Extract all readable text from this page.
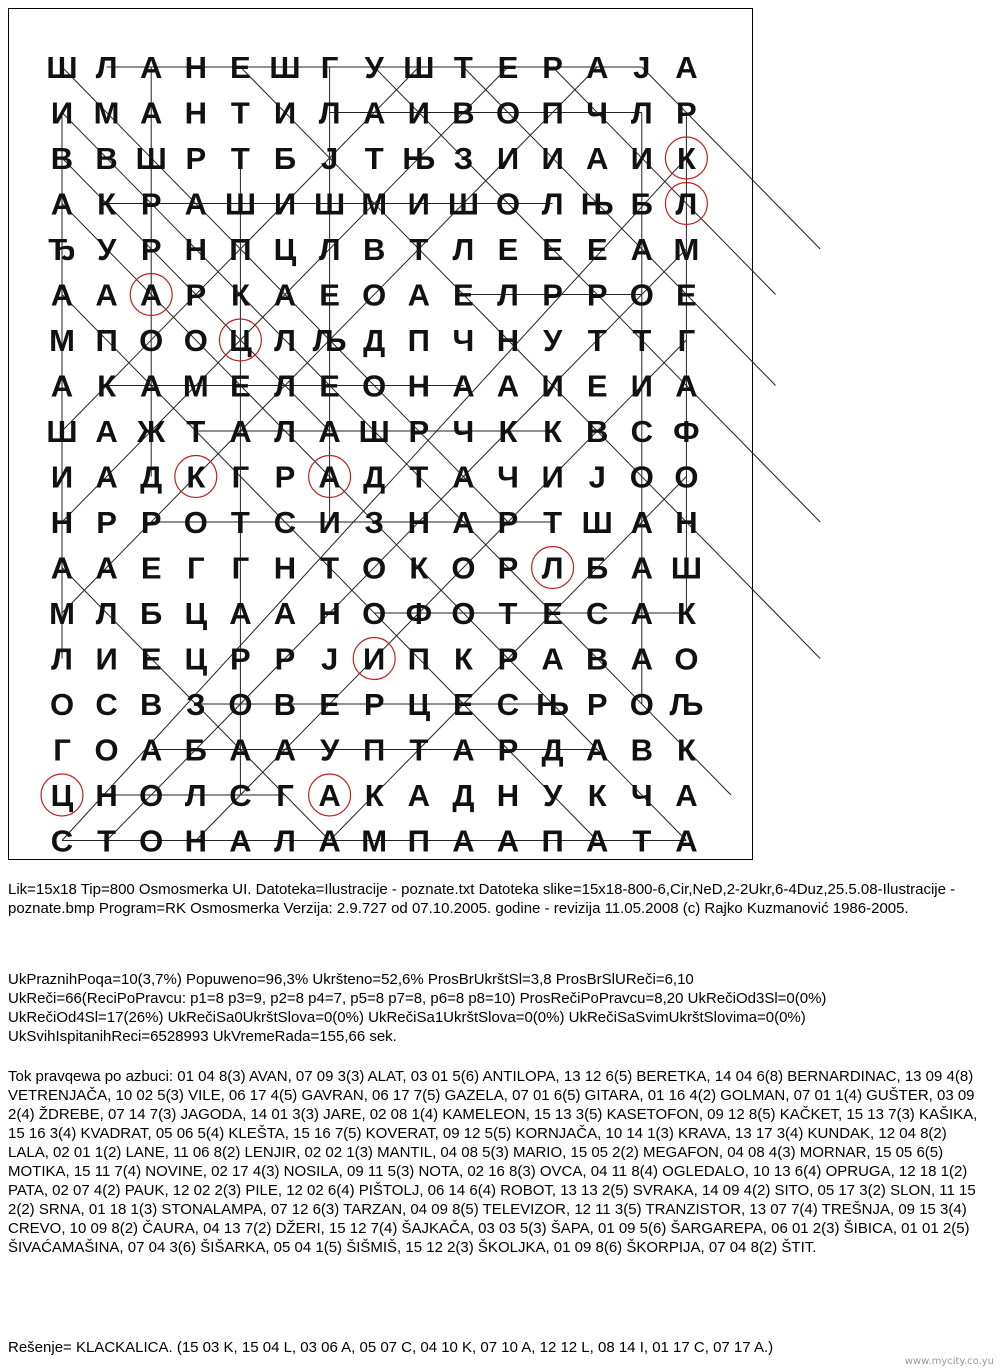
Ш Л А Н Е Ш Г У Ш Т Е Р А Ј А
И М А Н Т И Л А И В О П Ч Л Р
В В Ш Р Т Б Ј Т Њ З И И А И К
А К Р А Ш И Ш М И Ш О Л Њ Б Л
Ђ У Р Н П Ц Л В Т Л Е Е Е А М
А А А Р К А Е О А Е Л Р Р О Е
М П О О Ц Л Љ Д П Ч Н У Т Т Г
А К А М Е Л Е О Н А А И Е И А
Ш А Ж Т А Л А Ш Р Ч К К В С Ф
И А Д К Г Р А Д Т А Ч И Ј О О
Н Р Р О Т С И З Н А Р Т Ш А Н
А А Е Г Г Н Т О К О Р Л Б А Ш
М Л Б Ц А А Н О Ф О Т Е С А К
Л И Е Ц Р Р Ј И П К Р А В А О
О С В З О В Е Р Ц Е С Њ Р О Љ
Г О А Б А А У П Т А Р Д А В К
Ц Н О Л С Г А К А Д Н У К Ч А
С Т О Н А Л А М П А А П А Т А

Lik=15x18 Tip=800 Osmosmerka UI. Datoteka=Ilustracije - poznate.txt Datoteka slike=15x18-800-6,Cir,NeD,2-2Ukr,6-4Duz,25.5.08-Ilustracije - poznate.bmp Program=RK Osmosmerka Verzija: 2.9.727 od 07.10.2005. godine - revizija 11.05.2008 (c) Rajko Kuzmanović 1986-2005.

UkPraznihPoqa=10(3,7%) Popuweno=96,3% Ukršteno=52,6% ProsBrUkrštSl=3,8 ProsBrSlUReči=6,10

UkReči=66(ReciPoPravcu: p1=8 p3=9, p2=8 p4=7, p5=8 p7=8, p6=8 p8=10) ProsRečiPoPravcu=8,20 UkRečiOd3Sl=0(0%)

UkRečiOd4Sl=17(26%) UkRečiSa0UkrštSlova=0(0%) UkRečiSa1UkrštSlova=0(0%) UkRečiSaSvimUkrštSlovima=0(0%)

UkSvihIspitanihReci=6528993 UkVremeRada=155,66 sek.

Tok pravqewa po azbuci: 01 04 8(3) AVAN, 07 09 3(3) ALAT, 03 01 5(6) ANTILOPA, 13 12 6(5) BERETKA, 14 04 6(8) BERNARDINAC, 13 09 4(8) VETRENJAČA, 10 02 5(3) VILE, 06 17 4(5) GAVRAN, 06 17 7(5) GAZELA, 07 01 6(5) GITARA, 01 16 4(2) GOLMAN, 07 01 1(4) GUŠTER, 03 09 2(4) ŽDREBE, 07 14 7(3) JAGODA, 14 01 3(3) JARE, 02 08 1(4) KAMELEON, 15 13 3(5) KASETOFON, 09 12 8(5) KAČKET, 15 13 7(3) KAŠIKA, 15 16 3(4) KVADRAT, 05 06 5(4) KLEŠTA, 15 16 7(5) KOVERAT, 09 12 5(5) KORNJAČA, 10 14 1(3) KRAVA, 13 17 3(4) KUNDAK, 12 04 8(2) LALA, 02 01 1(2) LANE, 11 06 8(2) LENJIR, 02 02 1(3) MANTIL, 04 08 5(3) MARIO, 15 05 2(2) MEGAFON, 04 08 4(3) MORNAR, 15 05 6(5) MOTIKA, 15 11 7(4) NOVINE, 02 17 4(3) NOSILA, 09 11 5(3) NOTA, 02 16 8(3) OVCA, 04 11 8(4) OGLEDALO, 10 13 6(4) OPRUGA, 12 18 1(2) PATA, 02 07 4(2) PAUK, 12 02 2(3) PILE, 12 02 6(4) PIŠTOLJ, 06 14 6(4) ROBOT, 13 13 2(5) SVRAKA, 14 09 4(2) SITO, 05 17 3(2) SLON, 11 15 2(2) SRNA, 01 18 1(3) STONALAMPA, 07 12 6(3) TARZAN, 04 09 8(5) TELEVIZOR, 12 11 3(5) TRANZISTOR, 13 07 7(4) TREŠNJA, 09 15 3(4) CREVO, 10 09 8(2) ČAURA, 04 13 7(2) DŽERI, 15 12 7(4) ŠAJKAČA, 03 03 5(3) ŠAPA, 01 09 5(6) ŠARGAREPA, 06 01 2(3) ŠIBICA, 01 01 2(5) ŠIVAĆAMAŠINA, 07 04 3(6) ŠIŠARKA, 05 04 1(5) ŠIŠMIŠ, 15 12 2(3) ŠKOLJKA, 01 09 8(6) ŠKORPIJA, 07 04 8(2) ŠTIT.

Rešenje= KLACKALICA. (15 03 K, 15 04 L, 03 06 A, 05 07 C, 04 10 K, 07 10 A, 12 12 L, 08 14 I, 01 17 C, 07 17 A.)

www.mycity.co.yu
